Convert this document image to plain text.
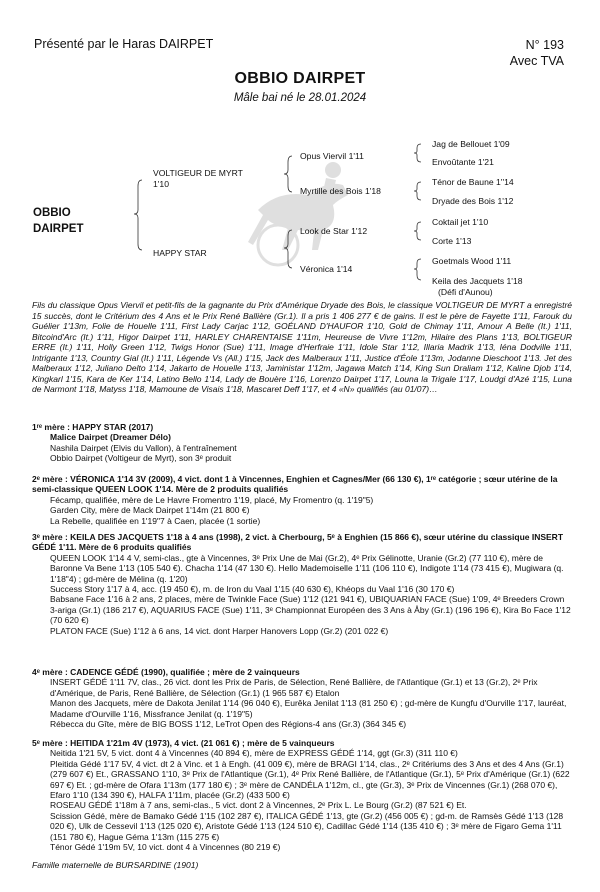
Présenté par le Haras DAIRPET	N° 193
Avec TVA
OBBIO DAIRPET
Mâle bai né le 28.01.2024
OBBIO
DAIRPET
VOLTIGEUR DE MYRT
1'10
HAPPY STAR
Opus Viervil 1'11
Myrtille des Bois 1'18
Look de Star 1'12
Véronica 1'14
Jag de Bellouet 1'09
Envoûtante 1'21
Ténor de Baune 1''14
Dryade des Bois 1'12
Coktail jet 1'10
Corte 1'13
Goetmals Wood 1'11
Keila des Jacquets 1'18
(Défi d'Aunou)
Fils du classique Opus Viervil et petit-fils de la gagnante du Prix d'Amérique Dryade des Bois, le classique VOLTIGEUR DE MYRT a enregistré 15 succès, dont le Critérium des 4 Ans et le Prix René Ballière (Gr.1). Il a pris 1 406 277 € de gains. Il est le père de Fayette 1'11, Farouk du Guélier 1'13m, Folie de Houelle 1'11, First Lady Carjac 1'12, GOÉLAND D'HAUFOR 1'10, Gold de Chimay 1'11, Amour A Belle (It.) 1'11, Bitcoind'Arc (It.) 1'11, Higor Dairpet 1'11, HARLEY CHARENTAISE 1'11m, Heureuse de Vivre 1'12m, Hilaire des Plans 1'13, BOLTIGEUR ERRE (It.) 1'11, Holly Green 1'12, Twigs Honor (Sue) 1'11, Image d'Herfraie 1'11, Idole Star 1'12, Illaria Madrik 1'13, Iéna Dodville 1'11, Intrigante 1'13, Country Gial (It.) 1'11, Légende Vs (All.) 1'15, Jack des Malberaux 1'11, Justice d'Éole 1'13m, Jodanne Dieschoot 1'13. Jet des Malberaux 1'12, Juliano Delto 1'14, Jakarto de Houelle 1'13, Jaministar 1'12m, Jagawa Match 1'14, King Sun Draliam 1'12, Kaline Djob 1'14, Kingkarl 1'15, Kara de Ker 1'14, Latino Bello 1'14, Lady de Bouère 1'16, Lorenzo Dairpet 1'17, Louna la Trigale 1'17, Loudgi d'Azé 1'15, Luna de Narmont 1'18, Matyss 1'18, Mamoune de Visais 1'18, Mascaret Deff 1'17, et 4 «N» qualifiés (au 01/07)…
1ʳᵉ mère : HAPPY STAR (2017)
Malice Dairpet (Dreamer Délo)
Nashila Dairpet (Elvis du Vallon), à l'entraînement
Obbio Dairpet (Voltigeur de Myrt), son 3ᵉ produit
2ᵉ mère : VÉRONICA 1'14 3V (2009), 4 vict. dont 1 à Vincennes, Enghien et Cagnes/Mer (66 130 €), 1ʳᵉ catégorie ; sœur utérine de la semi-classique QUEEN LOOK 1'14. Mère de 2 produits qualifiés
Fécamp, qualifiée, mère de Le Havre Fromentro 1'19, placé, My Fromentro (q. 1'19"5)
Garden City, mère de Mack Dairpet 1'14m (21 800 €)
La Rebelle, qualifiée en 1'19"7 à Caen, placée (1 sortie)
3ᵉ mère : KEILA DES JACQUETS 1'18 à 4 ans (1998), 2 vict. à Cherbourg, 5ᵉ à Enghien (15 866 €), sœur utérine du classique INSERT GÉDÉ 1'11. Mère de 6 produits qualifiés
QUEEN LOOK 1'14 4 V, semi-clas., gte à Vincennes, 3ᵉ Prix Une de Mai (Gr.2), 4ᵉ Prix Gélinotte, Uranie (Gr.2) (77 110 €), mère de Baronne Va Bene 1'13 (105 540 €). Chacha 1'14 (47 130 €). Hello Mademoiselle 1'11 (106 110 €), Indigote 1'14 (73 415 €), Mugiwara (q. 1'18"4) ; gd-mère de Mélina (q. 1'20)
Success Story 1'17 à 4, acc. (19 450 €), m. de Iron du Vaal 1'15 (40 630 €), Khéops du Vaal 1'16 (30 170 €)
Babsane Face 1'16 à 2 ans, 2 places, mère de Twinkle Face (Sue) 1'12 (121 941 €), UBIQUARIAN FACE (Sue) 1'09, 4ᵉ Breeders Crown 3-ariga (Gr.1) (186 217 €), AQUARIUS FACE (Sue) 1'11, 3ᵉ Championnat Européen des 3 Ans à Åby (Gr.1) (196 196 €), Kira Bo Face 1'12 (70 620 €)
PLATON FACE (Sue) 1'12 à 6 ans, 14 vict. dont Harper Hanovers Lopp (Gr.2) (201 022 €)
4ᵉ mère : CADENCE GÉDÉ (1990), qualifiée ; mère de 2 vainqueurs
INSERT GÉDÉ 1'11 7V, clas., 26 vict. dont les Prix de Paris, de Sélection, René Ballière, de l'Atlantique (Gr.1) et 13 (Gr.2), 2ᵉ Prix d'Amérique, de Paris, René Ballière, de Sélection (Gr.1) (1 965 587 €) Etalon
Manon des Jacquets, mère de Dakota Jenilat 1'14 (96 040 €), Eurêka Jenilat 1'13 (81 250 €) ; gd-mère de Kungfu d'Ourville 1'17, lauréat, Madame d'Ourville 1'16, Missfrance Jenilat (q. 1'19"5)
Rébecca du Gîte, mère de BIG BOSS 1'12, LeTrot Open des Régions-4 ans (Gr.3) (364 345 €)
5ᵉ mère : HEITIDA 1'21m 4V (1973), 4 vict. (21 061 €) ; mère de 5 vainqueurs
Neitida 1'21 5V, 5 vict. dont 4 à Vincennes (40 894 €), mère de EXPRESS GÉDÉ 1'14, ggt (Gr.3) (311 110 €)
Pleitida Gédé 1'17 5V, 4 vict. dt 2 à Vinc. et 1 à Engh. (41 009 €), mère de BRAGI 1'14, clas., 2ᵉ Critériums des 3 Ans et des 4 Ans (Gr.1) (279 607 €) Et., GRASSANO 1'10, 3ᵉ Prix de l'Atlantique (Gr.1), 4ᵉ Prix René Ballière, de l'Atlantique (Gr.1), 5ᵉ Prix d'Amérique (Gr.1) (622 697 €) Et. ; gd-mère de Ofara 1'13m (177 180 €) ; 3ᵉ mère de CANDÉLA 1'12m, cl., gte (Gr.3), 3ᵉ Prix de Vincennes (Gr.1) (268 070 €), Efaro 1'10 (134 390 €), HALFA 1'11m, placée (Gr.2) (433 500 €)
ROSEAU GÉDÉ 1'18m à 7 ans, semi-clas., 5 vict. dont 2 à Vincennes, 2ᵉ Prix L. Le Bourg (Gr.2) (87 521 €) Et.
Scission Gédé, mère de Bamako Gédé 1'15 (102 287 €), ITALICA GÉDÉ 1'13, gte (Gr.2) (456 005 €) ; gd-m. de Ramsès Gédé 1'13 (128 020 €), Ulk de Cessevil 1'13 (125 020 €), Aristote Gédé 1'13 (124 510 €), Cadillac Gédé 1'14 (135 410 €) ; 3ᵉ mère de Figaro Gema 1'11 (151 780 €), Hague Géma 1'13m (115 275 €)
Ténor Gédé 1'19m 5V, 10 vict. dont 4 à Vincennes (80 219 €)
Famille maternelle de BURSARDINE (1901)
